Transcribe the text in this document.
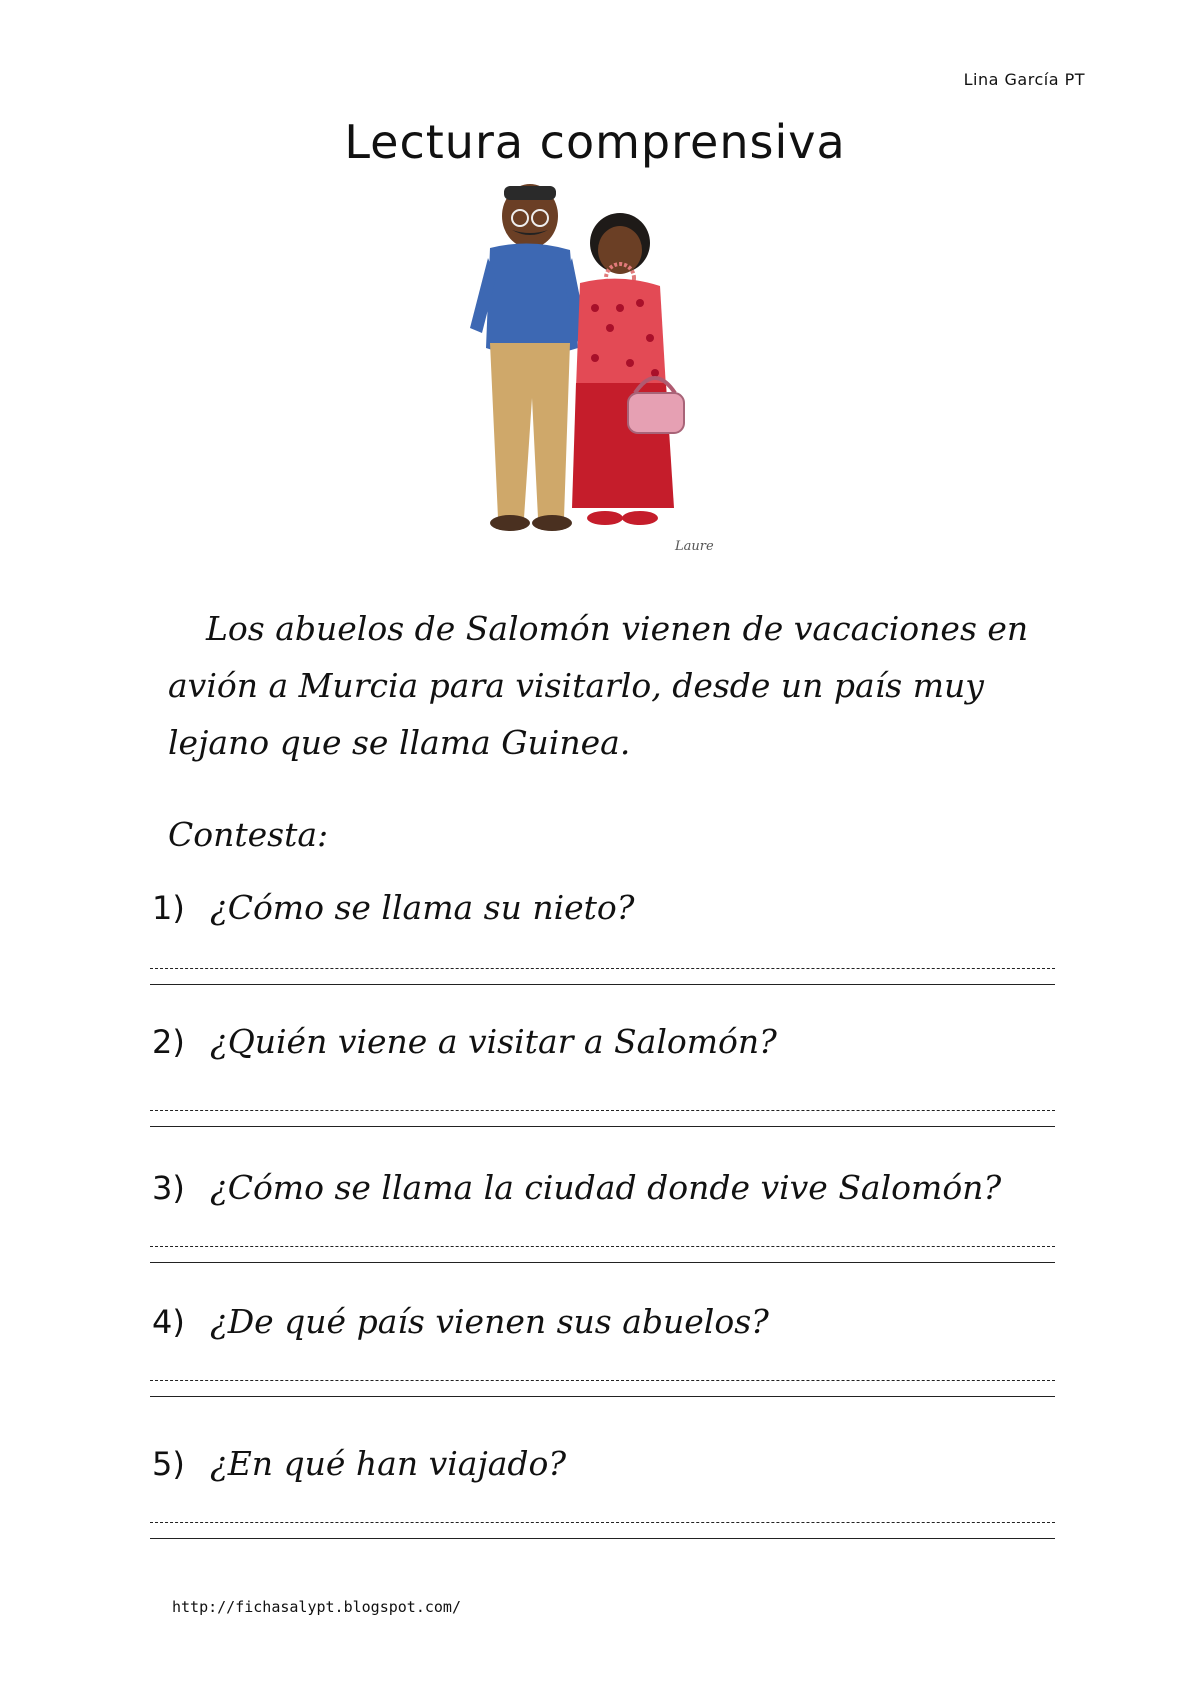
Lina García PT
Lectura comprensiva
Laure
Los abuelos de Salomón vienen de vacaciones en avión a Murcia para visitarlo, desde un país muy lejano que se llama Guinea.
Contesta:
1) ¿Cómo se llama su nieto?
2) ¿Quién viene a visitar a Salomón?
3) ¿Cómo se llama la ciudad donde vive Salomón?
4) ¿De qué país vienen sus abuelos?
5) ¿En qué han viajado?
http://fichasalypt.blogspot.com/
